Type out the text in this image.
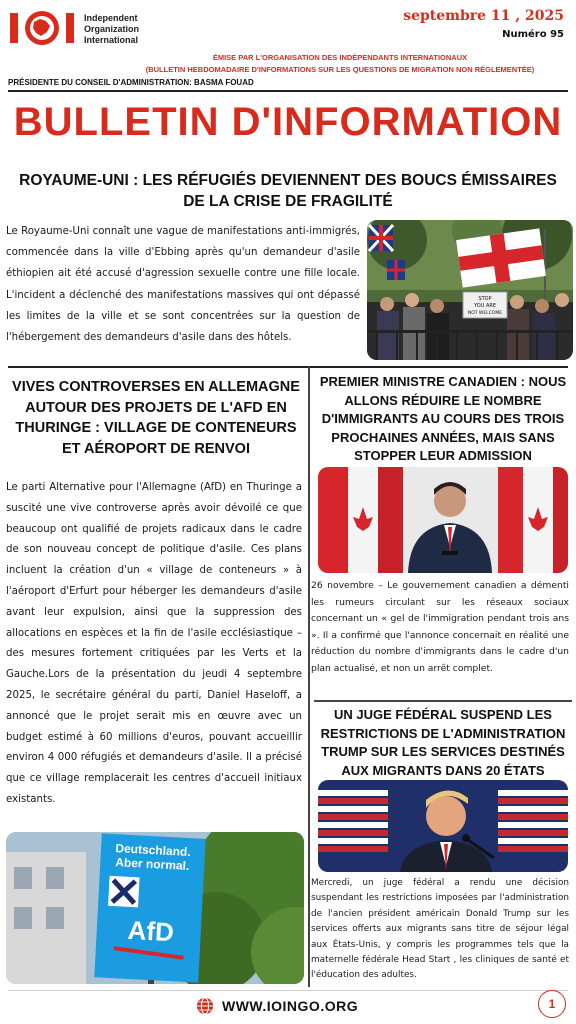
Independent
Organization
International
septembre 11 , 2025
Numéro 95
ÉMISE PAR L'ORGANISATION DES INDÉPENDANTS INTERNATIONAUX
(BULLETIN HEBDOMADAIRE D'INFORMATIONS SUR LES QUESTIONS DE MIGRATION NON RÉGLEMENTÉE)
PRÉSIDENTE DU CONSEIL D'ADMINISTRATION: BASMA FOUAD
BULLETIN D'INFORMATION
ROYAUME-UNI : LES RÉFUGIÉS DEVIENNENT DES BOUCS ÉMISSAIRES DE LA CRISE DE FRAGILITÉ
Le Royaume-Uni connaît une vague de manifestations anti-immigrés, commencée dans la ville d'Ebbing après qu'un demandeur d'asile éthiopien ait été accusé d'agression sexuelle contre une fille locale. L'incident a déclenché des manifestations massives qui ont dépassé les limites de la ville et se sont concentrées sur la question de l'hébergement des demandeurs d'asile dans des hôtels.
STOP
YOU ARE
NOT WELCOME
VIVES CONTROVERSES EN ALLEMAGNE AUTOUR DES PROJETS DE L'AFD EN THURINGE : VILLAGE DE CONTENEURS ET AÉROPORT DE RENVOI
Le parti Alternative pour l'Allemagne (AfD) en Thuringe a suscité une vive controverse après avoir dévoilé ce que beaucoup ont qualifié de projets radicaux dans le cadre de son nouveau concept de politique d'asile. Ces plans incluent la création d'un « village de conteneurs » à l'aéroport d'Erfurt pour héberger les demandeurs d'asile avant leur expulsion, ainsi que la suppression des allocations en espèces et la fin de l'asile ecclésiastique – des mesures fortement critiquées par les Verts et la Gauche.Lors de la présentation du jeudi 4 septembre 2025, le secrétaire général du parti, Daniel Haseloff, a annoncé que le projet serait mis en œuvre avec un budget estimé à 60 millions d'euros, pouvant accueillir environ 4 000 réfugiés et demandeurs d'asile. Il a précisé que ce village remplacerait les centres d'accueil initiaux existants.
Deutschland.
Aber normal.
AfD
PREMIER MINISTRE CANADIEN : NOUS ALLONS RÉDUIRE LE NOMBRE D'IMMIGRANTS AU COURS DES TROIS PROCHAINES ANNÉES, MAIS SANS STOPPER LEUR ADMISSION
26 novembre – Le gouvernement canadien a démenti les rumeurs circulant sur les réseaux sociaux concernant un « gel de l'immigration pendant trois ans ». Il a confirmé que l'annonce concernait en réalité une réduction du nombre d'immigrants dans le cadre d'un plan actualisé, et non un arrêt complet.
UN JUGE FÉDÉRAL SUSPEND LES RESTRICTIONS DE L'ADMINISTRATION TRUMP SUR LES SERVICES DESTINÉS AUX MIGRANTS DANS 20 ÉTATS
Mercredi, un juge fédéral a rendu une décision suspendant les restrictions imposées par l'administration de l'ancien président américain Donald Trump sur les services offerts aux migrants sans titre de séjour légal aux États-Unis, y compris les programmes tels que la maternelle fédérale Head Start , les cliniques de santé et l'éducation des adultes.
WWW.IOINGO.ORG	1
